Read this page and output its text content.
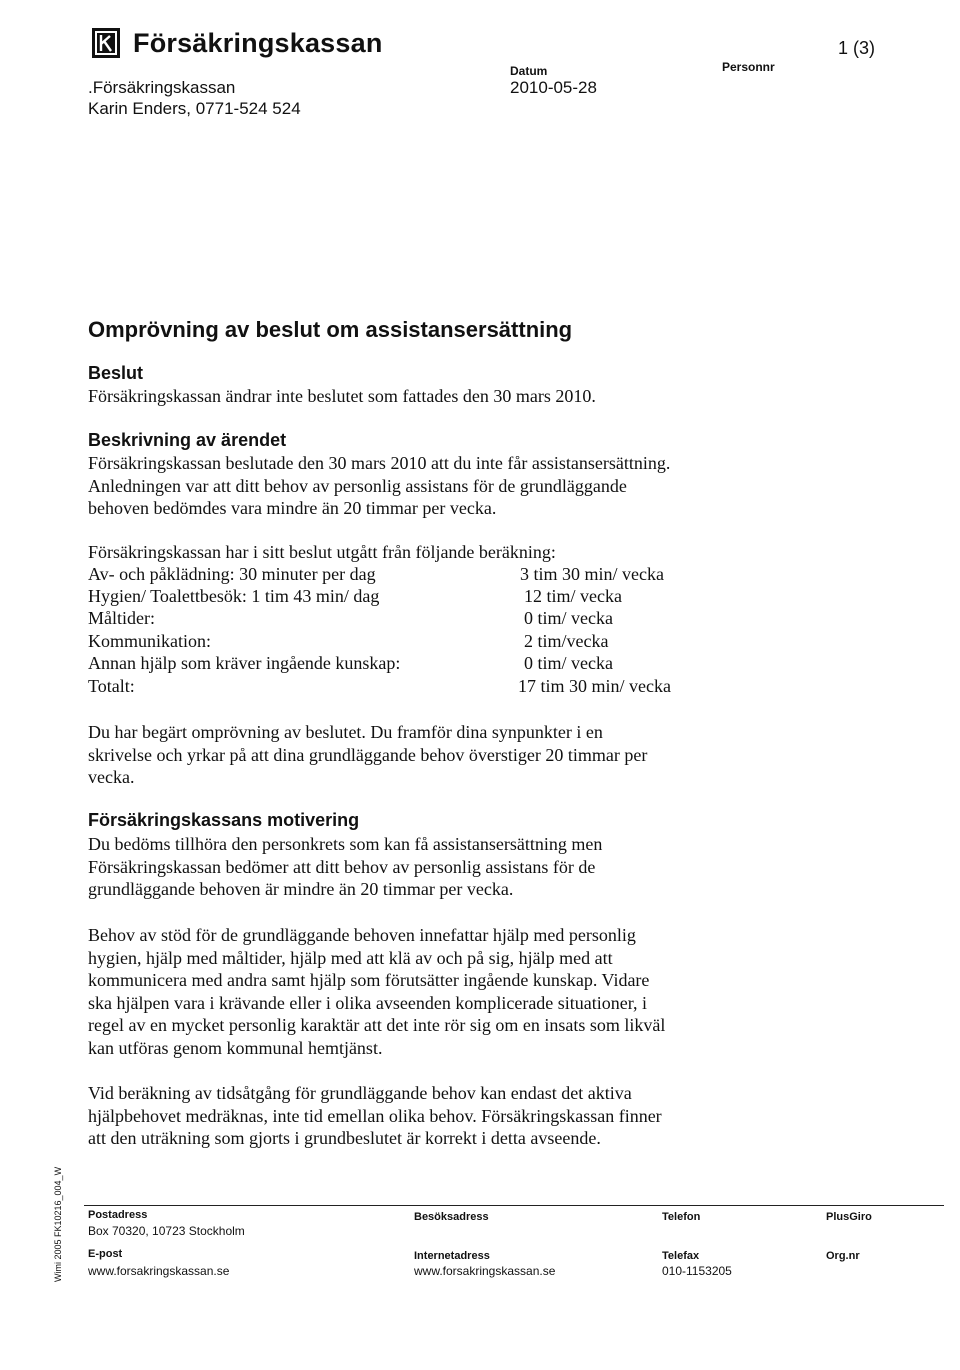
Försäkringskassan	1 (3)
.Försäkringskassan
Karin Enders, 0771-524 524
Datum
2010-05-28
Personnr
Omprövning av beslut om assistansersättning
Beslut
Försäkringskassan ändrar inte beslutet som fattades den 30 mars 2010.
Beskrivning av ärendet
Försäkringskassan beslutade den 30 mars 2010 att du inte får assistansersättning.
Anledningen var att ditt behov av personlig assistans för de grundläggande
behoven bedömdes vara mindre än 20 timmar per vecka.
Försäkringskassan har i sitt beslut utgått från följande beräkning:
Av- och påklädning: 30 minuter per dag	3 tim 30 min/ vecka
Hygien/ Toalettbesök: 1 tim 43 min/ dag	12 tim/ vecka
Måltider:	0 tim/ vecka
Kommunikation:	2 tim/vecka
Annan hjälp som kräver ingående kunskap:	0 tim/ vecka
Totalt:	17 tim 30 min/ vecka
Du har begärt omprövning av beslutet. Du framför dina synpunkter i en
skrivelse och yrkar på att dina grundläggande behov överstiger 20 timmar per
vecka.
Försäkringskassans motivering
Du bedöms tillhöra den personkrets som kan få assistansersättning men
Försäkringskassan bedömer att ditt behov av personlig assistans för de
grundläggande behoven är mindre än 20 timmar per vecka.
Behov av stöd för de grundläggande behoven innefattar hjälp med personlig
hygien, hjälp med måltider, hjälp med att klä av och på sig, hjälp med att
kommunicera med andra samt hjälp som förutsätter ingående kunskap. Vidare
ska hjälpen vara i krävande eller i olika avseenden komplicerade situationer, i
regel av en mycket personlig karaktär att det inte rör sig om en insats som likväl
kan utföras genom kommunal hemtjänst.
Vid beräkning av tidsåtgång för grundläggande behov kan endast det aktiva
hjälpbehovet medräknas, inte tid emellan olika behov. Försäkringskassan finner
att den uträkning som gjorts i grundbeslutet är korrekt i detta avseende.
Wimi 2005 FK10216_004_W Postadress
Box 70320, 10723 Stockholm
Besöksadress	Telefon	PlusGiro
E-post
www.forsakringskassan.se
Internetadress
www.forsakringskassan.se
Telefax
010-1153205
Org.nr
